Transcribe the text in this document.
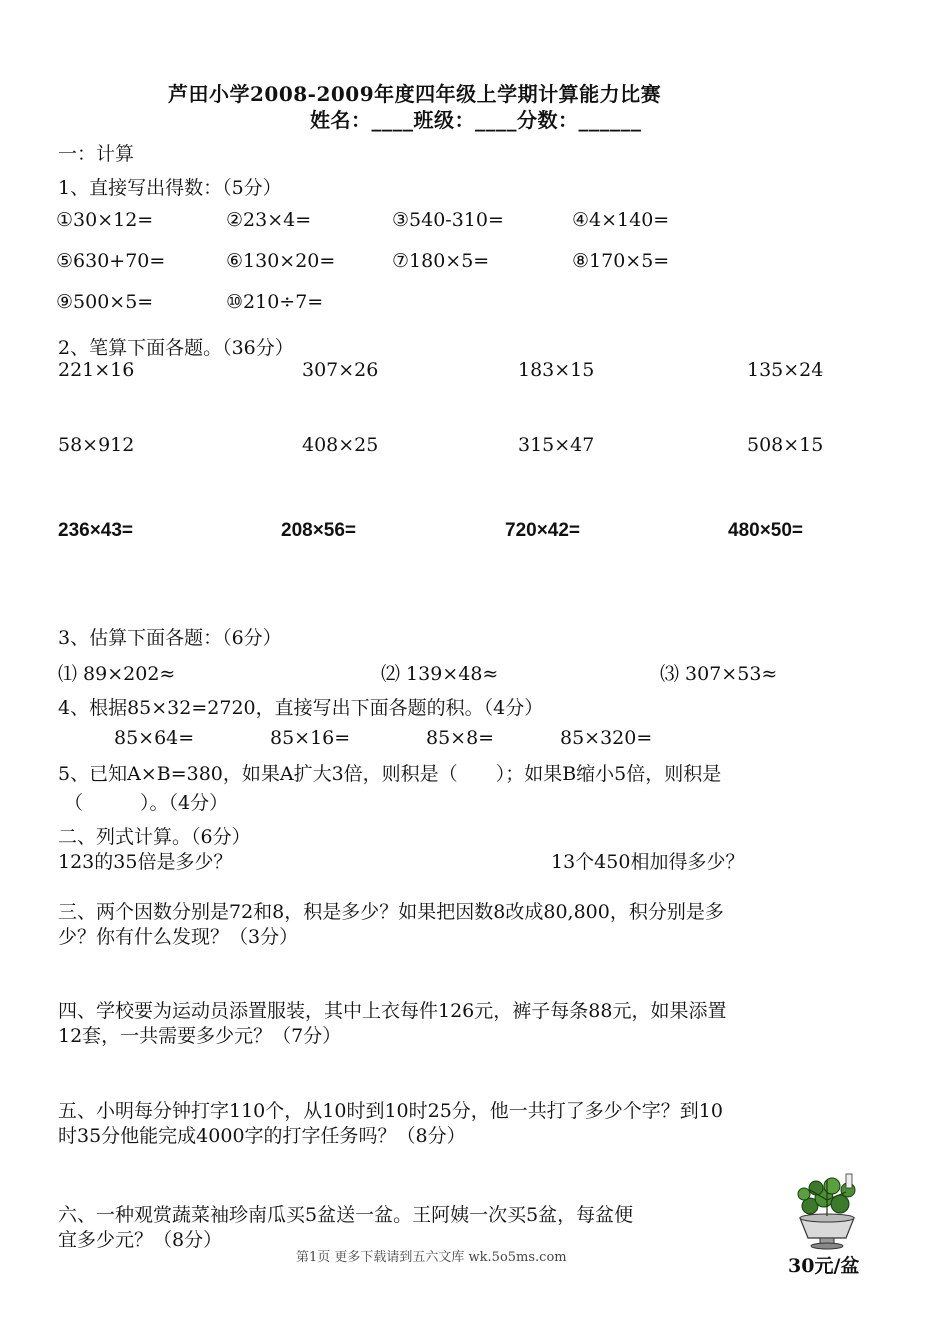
芦田小学2008-2009年度四年级上学期计算能力比赛
姓名：____班级：____分数：______
一：计算
1、直接写出得数：（5分）
①30×12=	②23×4=	③540-310=	④4×140=
⑤630+70=	⑥130×20=	⑦180×5=	⑧170×5=
⑨500×5=	⑩210÷7=
2、笔算下面各题。（36分）
221×16	307×26	183×15	135×24
58×912	408×25	315×47	508×15
236×43=	208×56=	720×42=	480×50=
3、估算下面各题：（6分）
⑴ 89×202≈	⑵ 139×48≈	⑶ 307×53≈
4、根据85×32=2720，直接写出下面各题的积。（4分）
85×64=	85×16=	85×8=	85×320=
5、已知A×B=380，如果A扩大3倍，则积是（　　）；如果B缩小5倍，则积是
（　　　）。（4分）
二、列式计算。（6分）
123的35倍是多少？	13个450相加得多少？
三、两个因数分别是72和8，积是多少？如果把因数8改成80,800，积分别是多
少？你有什么发现？（3分）
四、学校要为运动员添置服装，其中上衣每件126元，裤子每条88元，如果添置
12套，一共需要多少元？（7分）
五、小明每分钟打字110个，从10时到10时25分，他一共打了多少个字？到10
时35分他能完成4000字的打字任务吗？（8分）
六、一种观赏蔬菜袖珍南瓜买5盆送一盆。王阿姨一次买5盆，每盆便
宜多少元？（8分）
30元/盆
第1页 更多下载请到五六文库 wk.5o5ms.com
